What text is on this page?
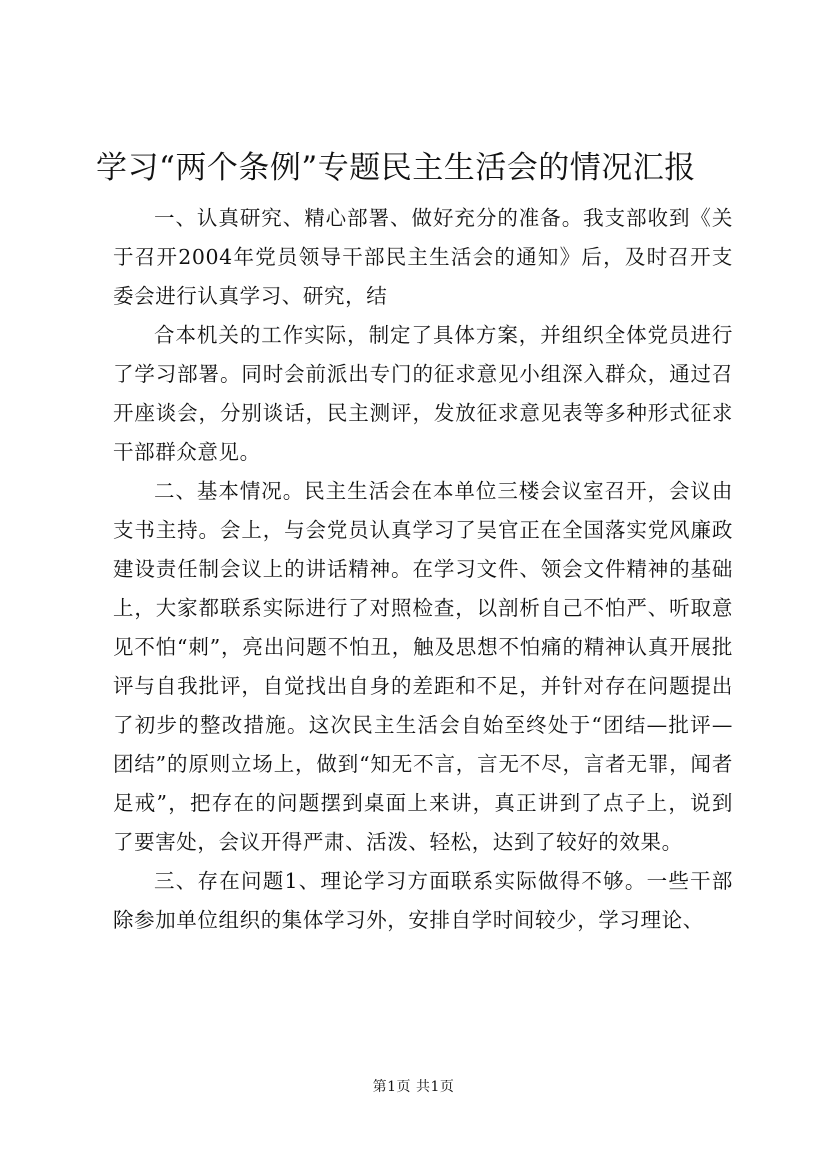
学习“两个条例”专题民主生活会的情况汇报

一、认真研究、精心部署、做好充分的准备。我支部收到《关于召开2004年党员领导干部民主生活会的通知》后，及时召开支委会进行认真学习、研究，结

合本机关的工作实际，制定了具体方案，并组织全体党员进行了学习部署。同时会前派出专门的征求意见小组深入群众，通过召开座谈会，分别谈话，民主测评，发放征求意见表等多种形式征求干部群众意见。

二、基本情况。民主生活会在本单位三楼会议室召开，会议由支书主持。会上，与会党员认真学习了吴官正在全国落实党风廉政建设责任制会议上的讲话精神。在学习文件、领会文件精神的基础上，大家都联系实际进行了对照检查，以剖析自己不怕严、听取意见不怕“刺”，亮出问题不怕丑，触及思想不怕痛的精神认真开展批评与自我批评，自觉找出自身的差距和不足，并针对存在问题提出了初步的整改措施。这次民主生活会自始至终处于“团结—批评—团结”的原则立场上，做到“知无不言，言无不尽，言者无罪，闻者足戒”，把存在的问题摆到桌面上来讲，真正讲到了点子上，说到了要害处，会议开得严肃、活泼、轻松，达到了较好的效果。

三、存在问题1、理论学习方面联系实际做得不够。一些干部除参加单位组织的集体学习外，安排自学时间较少，学习理论、

第1页 共1页
